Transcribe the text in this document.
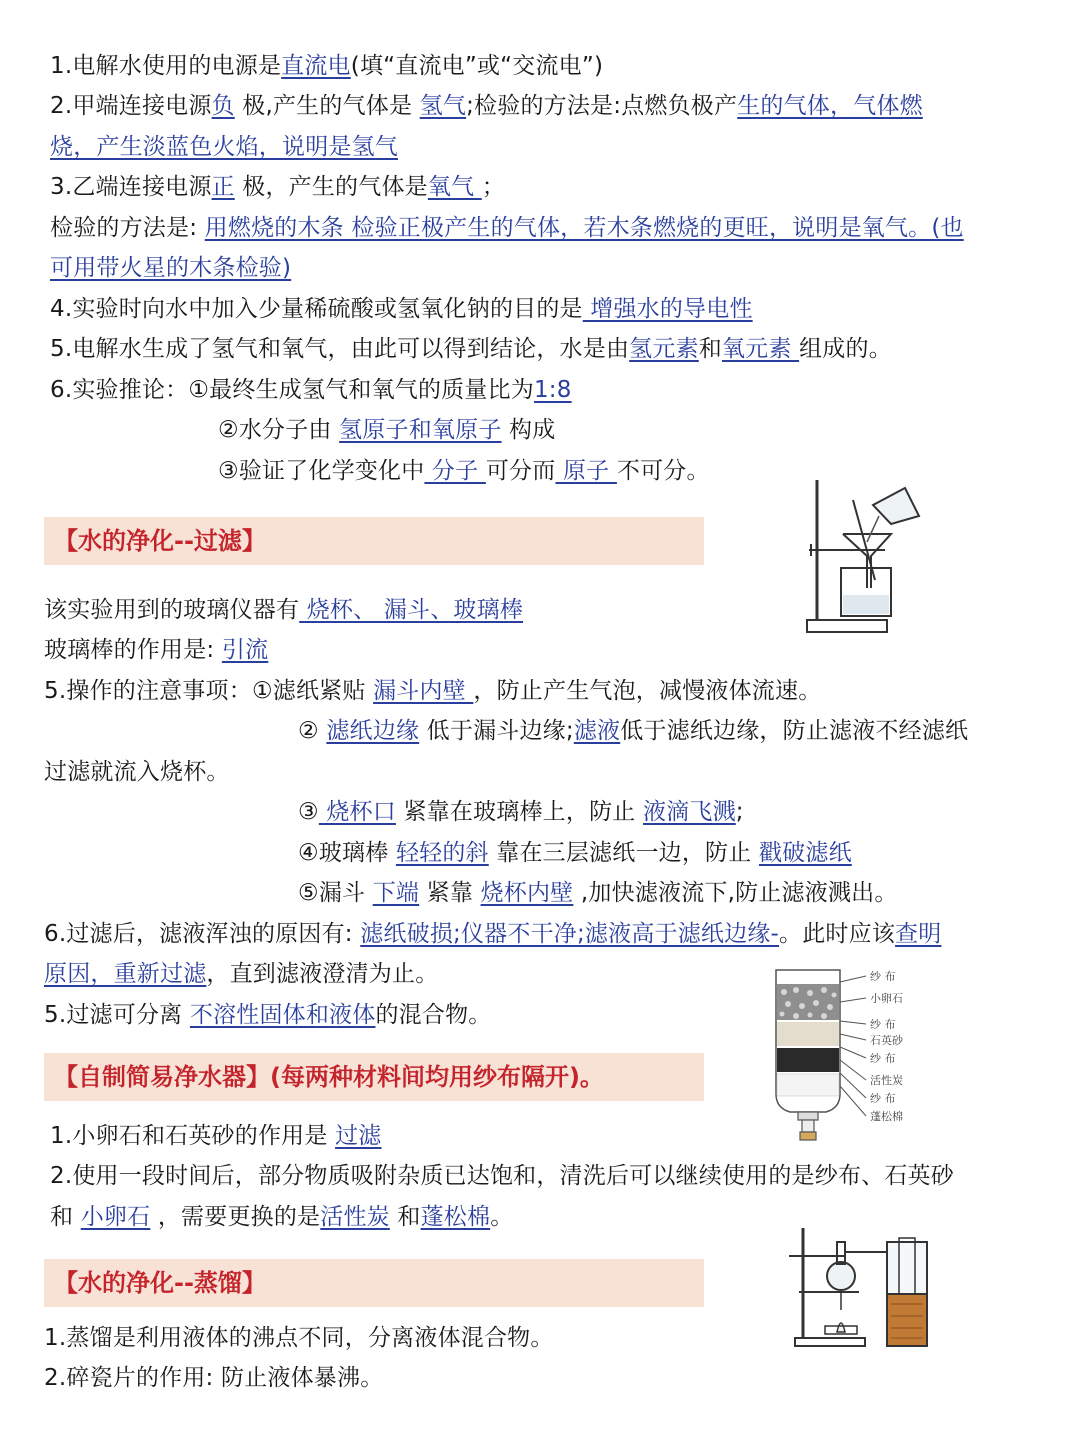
1.电解水使用的电源是直流电(填“直流电”或“交流电”)
2.甲端连接电源负 极,产生的气体是 氢气;检验的方法是:点燃负极产生的气体，气体燃
烧，产生淡蓝色火焰，说明是氢气
3.乙端连接电源正 极，产生的气体是氧气 ；
检验的方法是: 用燃烧的木条 检验正极产生的气体，若木条燃烧的更旺，说明是氧气。(也
可用带火星的木条检验)
4.实验时向水中加入少量稀硫酸或氢氧化钠的目的是 增强水的导电性
5.电解水生成了氢气和氧气，由此可以得到结论，水是由氢元素和氧元素 组成的。
6.实验推论：①最终生成氢气和氧气的质量比为1:8
②水分子由 氢原子和氧原子 构成
③验证了化学变化中 分子 可分而 原子 不可分。
【水的净化--过滤】
该实验用到的玻璃仪器有 烧杯、 漏斗、玻璃棒
玻璃棒的作用是: 引流
5.操作的注意事项：①滤纸紧贴 漏斗内壁 ，防止产生气泡，减慢液体流速。
② 滤纸边缘 低于漏斗边缘;滤液低于滤纸边缘，防止滤液不经滤纸
过滤就流入烧杯。
③ 烧杯口 紧靠在玻璃棒上，防止 液滴飞溅;
④玻璃棒 轻轻的斜 靠在三层滤纸一边，防止 戳破滤纸
⑤漏斗 下端 紧靠 烧杯内壁 ,加快滤液流下,防止滤液溅出。
6.过滤后，滤液浑浊的原因有: 滤纸破损;仪器不干净;滤液高于滤纸边缘-。此时应该查明
原因，重新过滤，直到滤液澄清为止。
5.过滤可分离 不溶性固体和液体的混合物。
纱 布
小卵石
纱 布
石英砂
纱 布
活性炭
纱 布
蓬松棉
【自制简易净水器】(每两种材料间均用纱布隔开)。
1.小卵石和石英砂的作用是 过滤
2.使用一段时间后，部分物质吸附杂质已达饱和，清洗后可以继续使用的是纱布、石英砂
和 小卵石 ，需要更换的是活性炭 和蓬松棉。
【水的净化--蒸馏】
1.蒸馏是利用液体的沸点不同，分离液体混合物。
2.碎瓷片的作用: 防止液体暴沸。
